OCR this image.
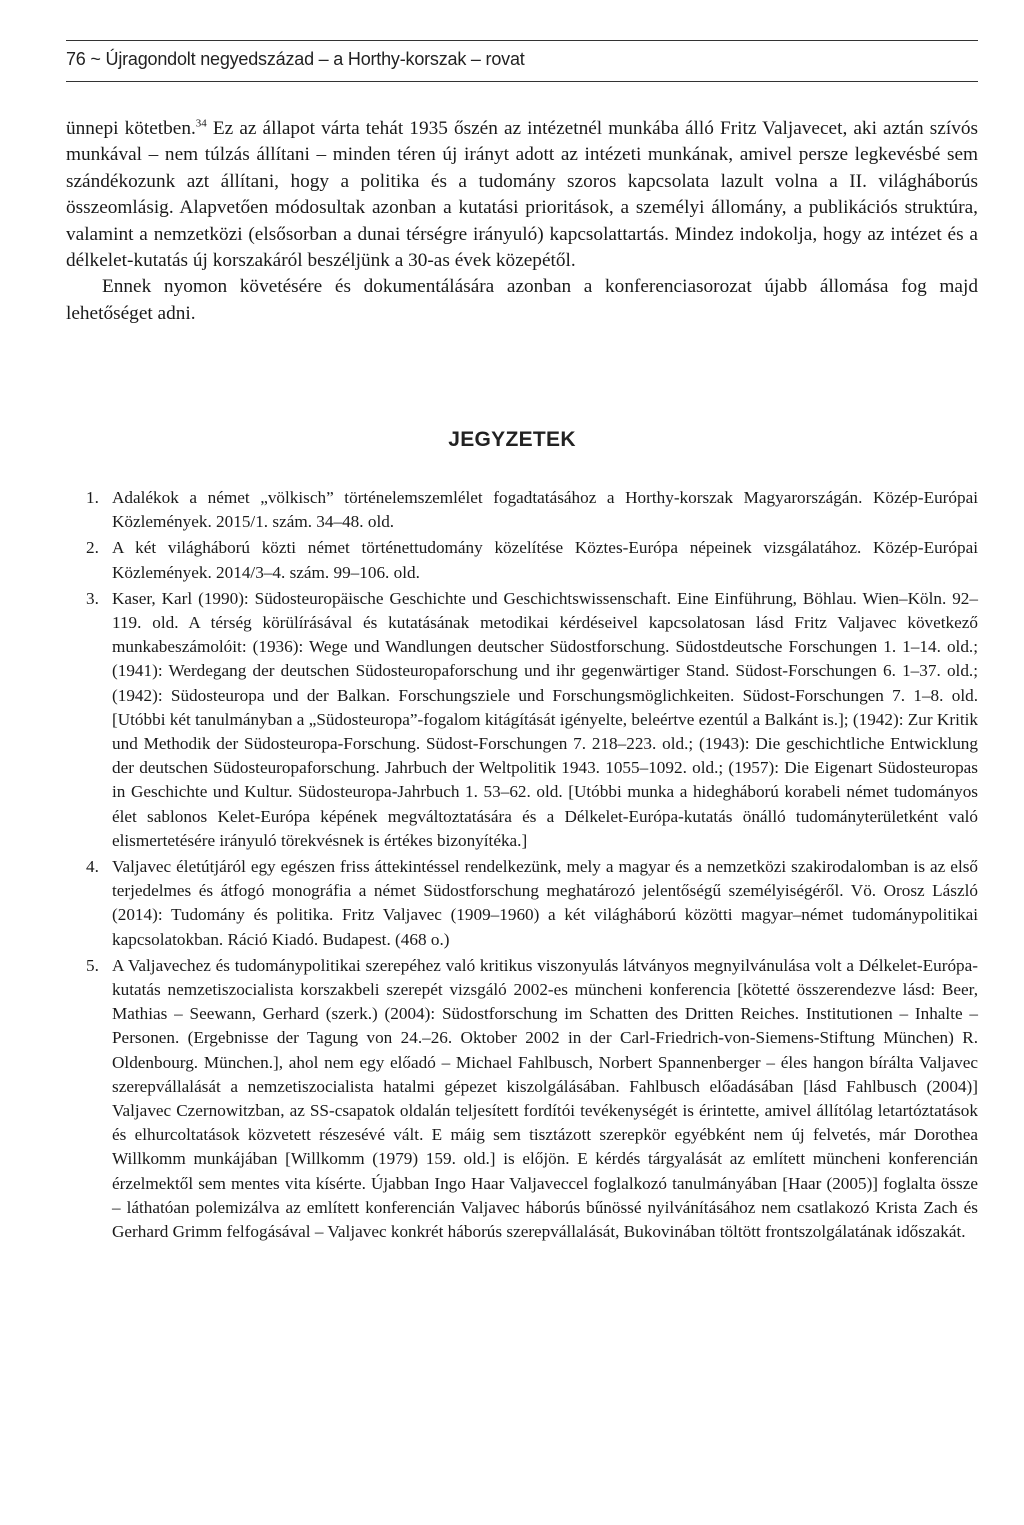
76 ~ Újragondolt negyedszázad – a Horthy-korszak – rovat

ünnepi kötetben.$^{34}$ Ez az állapot várta tehát 1935 őszén az intézetnél munkába álló Fritz Valjavecet, aki aztán szívós munkával – nem túlzás állítani – minden téren új irányt adott az intézeti munkának, amivel persze legkevésbé sem szándékozunk azt állítani, hogy a politika és a tudomány szoros kapcsolata lazult volna a II. világháborús összeomlásig. Alapvetően módosultak azonban a kutatási prioritások, a személyi állomány, a publikációs struktúra, valamint a nemzetközi (elsősorban a dunai térségre irányuló) kapcsolattartás. Mindez indokolja, hogy az intézet és a délkelet-kutatás új korszakáról beszéljünk a 30-as évek közepétől.

Ennek nyomon követésére és dokumentálására azonban a konferenciasorozat újabb állomása fog majd lehetőséget adni.

JEGYZETEK
1. Adalékok a német „völkisch” történelemszemlélet fogadtatásához a Horthy-korszak Magyarországán. Közép-Európai Közlemények. 2015/1. szám. 34–48. old.
2. A két világháború közti német történettudomány közelítése Köztes-Európa népeinek vizsgálatához. Közép-Európai Közlemények. 2014/3–4. szám. 99–106. old.
3. Kaser, Karl (1990): Südosteuropäische Geschichte und Geschichtswissenschaft. Eine Einführung, Böhlau. Wien–Köln. 92–119. old. A térség körülírásával és kutatásának metodikai kérdéseivel kapcsolatosan lásd Fritz Valjavec következő munkabeszámolóit: (1936): Wege und Wandlungen deutscher Südostforschung. Südostdeutsche Forschungen 1. 1–14. old.; (1941): Werdegang der deutschen Südosteuropaforschung und ihr gegenwärtiger Stand. Südost-Forschungen 6. 1–37. old.; (1942): Südosteuropa und der Balkan. Forschungsziele und Forschungsmöglichkeiten. Südost-Forschungen 7. 1–8. old. [Utóbbi két tanulmányban a „Südosteuropa”-fogalom kitágítását igényelte, beleértve ezentúl a Balkánt is.]; (1942): Zur Kritik und Methodik der Südosteuropa-Forschung. Südost-Forschungen 7. 218–223. old.; (1943): Die geschichtliche Entwicklung der deutschen Südosteuropaforschung. Jahrbuch der Weltpolitik 1943. 1055–1092. old.; (1957): Die Eigenart Südosteuropas in Geschichte und Kultur. Südosteuropa-Jahrbuch 1. 53–62. old. [Utóbbi munka a hidegháború korabeli német tudományos élet sablonos Kelet-Európa képének megváltoztatására és a Délkelet-Európa-kutatás önálló tudományterületként való elismertetésére irányuló törekvésnek is értékes bizonyítéka.]
4. Valjavec életútjáról egy egészen friss áttekintéssel rendelkezünk, mely a magyar és a nemzetközi szakirodalomban is az első terjedelmes és átfogó monográfia a német Südostforschung meghatározó jelentőségű személyiségéről. Vö. Orosz László (2014): Tudomány és politika. Fritz Valjavec (1909–1960) a két világháború közötti magyar–német tudománypolitikai kapcsolatokban. Ráció Kiadó. Budapest. (468 o.)
5. A Valjavechez és tudománypolitikai szerepéhez való kritikus viszonyulás látványos megnyilvánulása volt a Délkelet-Európa-kutatás nemzetiszocialista korszakbeli szerepét vizsgáló 2002-es müncheni konferencia [kötetté összerendezve lásd: Beer, Mathias – Seewann, Gerhard (szerk.) (2004): Südostforschung im Schatten des Dritten Reiches. Institutionen – Inhalte – Personen. (Ergebnisse der Tagung von 24.–26. Oktober 2002 in der Carl-Friedrich-von-Siemens-Stiftung München) R. Oldenbourg. München.], ahol nem egy előadó – Michael Fahlbusch, Norbert Spannenberger – éles hangon bírálta Valjavec szerepvállalását a nemzetiszocialista hatalmi gépezet kiszolgálásában. Fahlbusch előadásában [lásd Fahlbusch (2004)] Valjavec Czernowitzban, az SS-csapatok oldalán teljesített fordítói tevékenységét is érintette, amivel állítólag letartóztatások és elhurcoltatások közvetett részesévé vált. E máig sem tisztázott szerepkör egyébként nem új felvetés, már Dorothea Willkomm munkájában [Willkomm (1979) 159. old.] is előjön. E kérdés tárgyalását az említett müncheni konferencián érzelmektől sem mentes vita kísérte. Újabban Ingo Haar Valjaveccel foglalkozó tanulmányában [Haar (2005)] foglalta össze – láthatóan polemizálva az említett konferencián Valjavec háborús bűnössé nyilvánításához nem csatlakozó Krista Zach és Gerhard Grimm felfogásával – Valjavec konkrét háborús szerepvállalását, Bukovinában töltött frontszolgálatának időszakát.
